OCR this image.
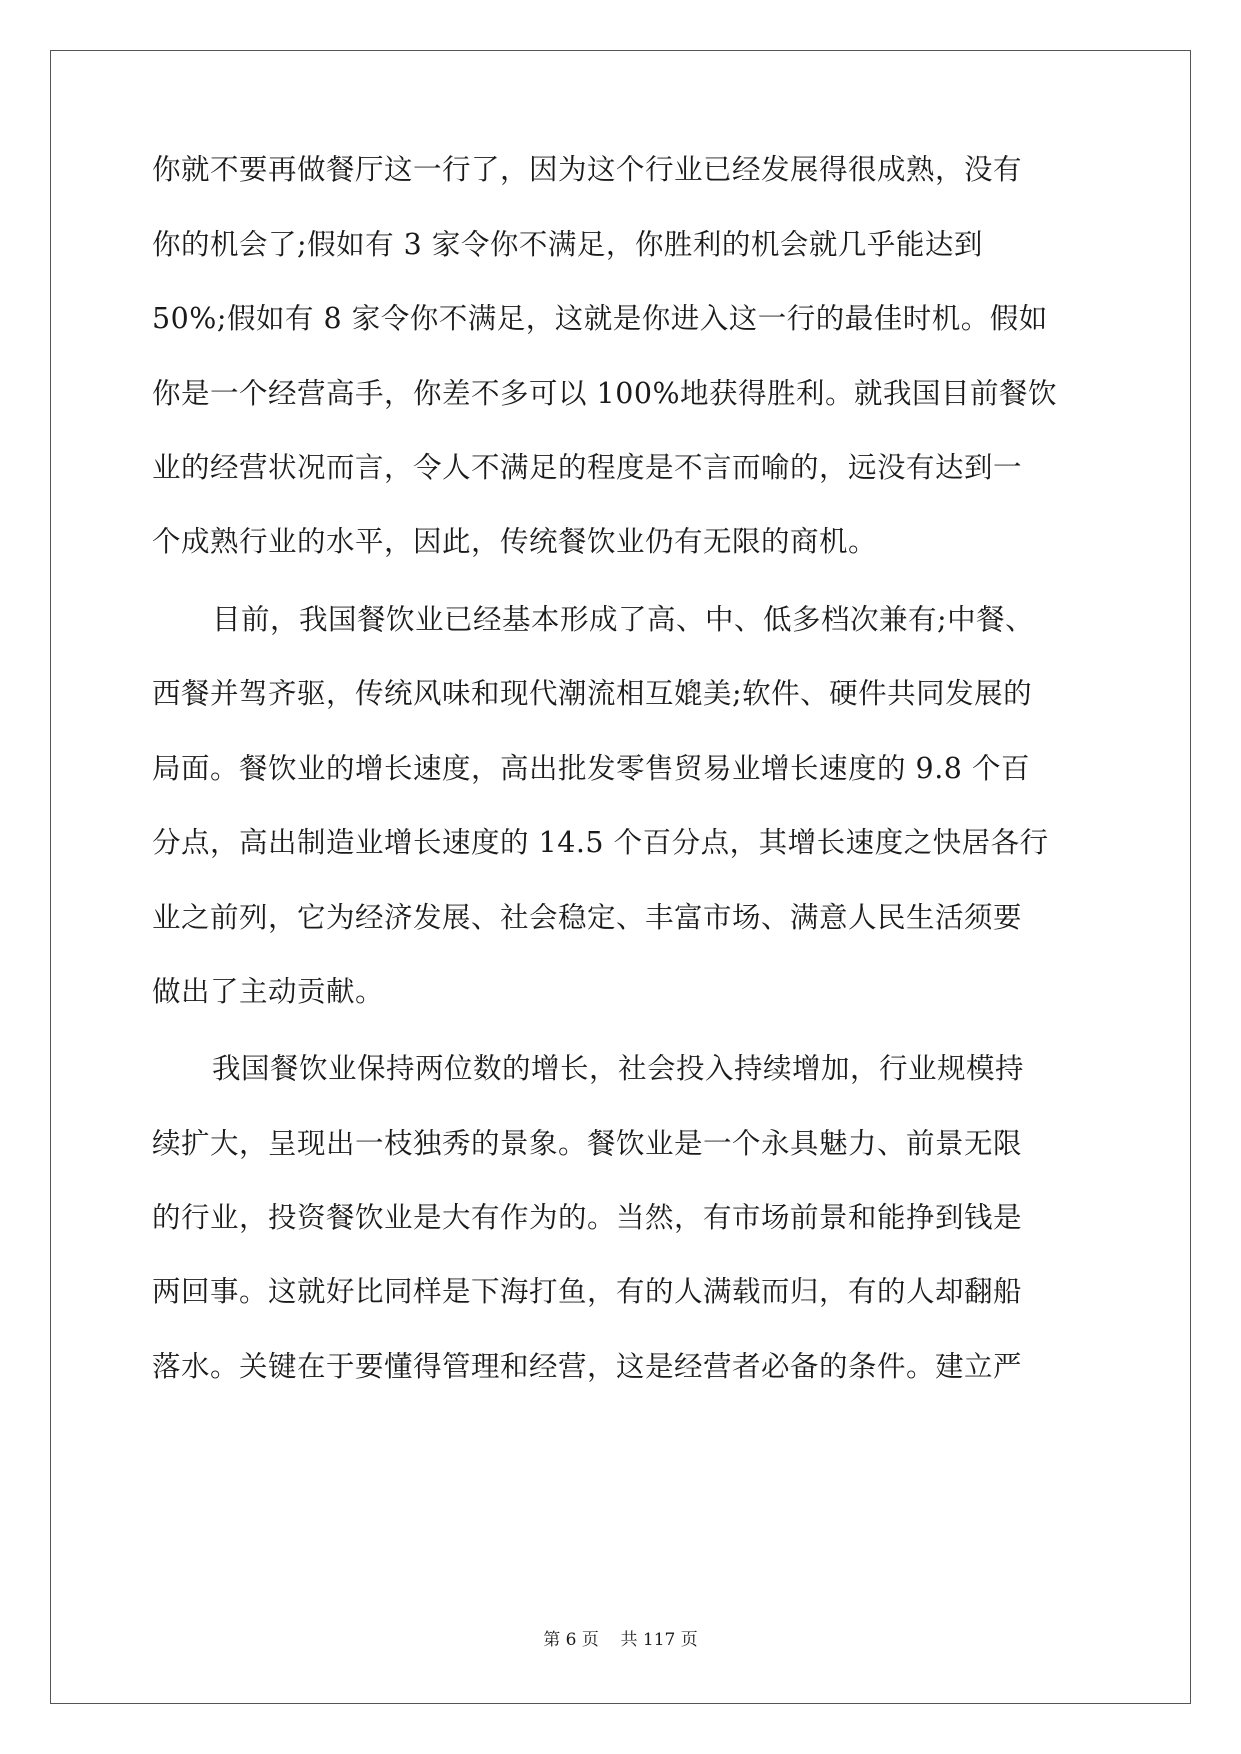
你就不要再做餐厅这一行了，因为这个行业已经发展得很成熟，没有
你的机会了;假如有 3 家令你不满足，你胜利的机会就几乎能达到
50%;假如有 8 家令你不满足，这就是你进入这一行的最佳时机。假如
你是一个经营高手，你差不多可以 100%地获得胜利。就我国目前餐饮
业的经营状况而言，令人不满足的程度是不言而喻的，远没有达到一
个成熟行业的水平，因此，传统餐饮业仍有无限的商机。
目前，我国餐饮业已经基本形成了高、中、低多档次兼有;中餐、
西餐并驾齐驱，传统风味和现代潮流相互媲美;软件、硬件共同发展的
局面。餐饮业的增长速度，高出批发零售贸易业增长速度的 9.8 个百
分点，高出制造业增长速度的 14.5 个百分点，其增长速度之快居各行
业之前列，它为经济发展、社会稳定、丰富市场、满意人民生活须要
做出了主动贡献。
我国餐饮业保持两位数的增长，社会投入持续增加，行业规模持
续扩大，呈现出一枝独秀的景象。餐饮业是一个永具魅力、前景无限
的行业，投资餐饮业是大有作为的。当然，有市场前景和能挣到钱是
两回事。这就好比同样是下海打鱼，有的人满载而归，有的人却翻船
落水。关键在于要懂得管理和经营，这是经营者必备的条件。建立严
第 6 页    共 117 页
